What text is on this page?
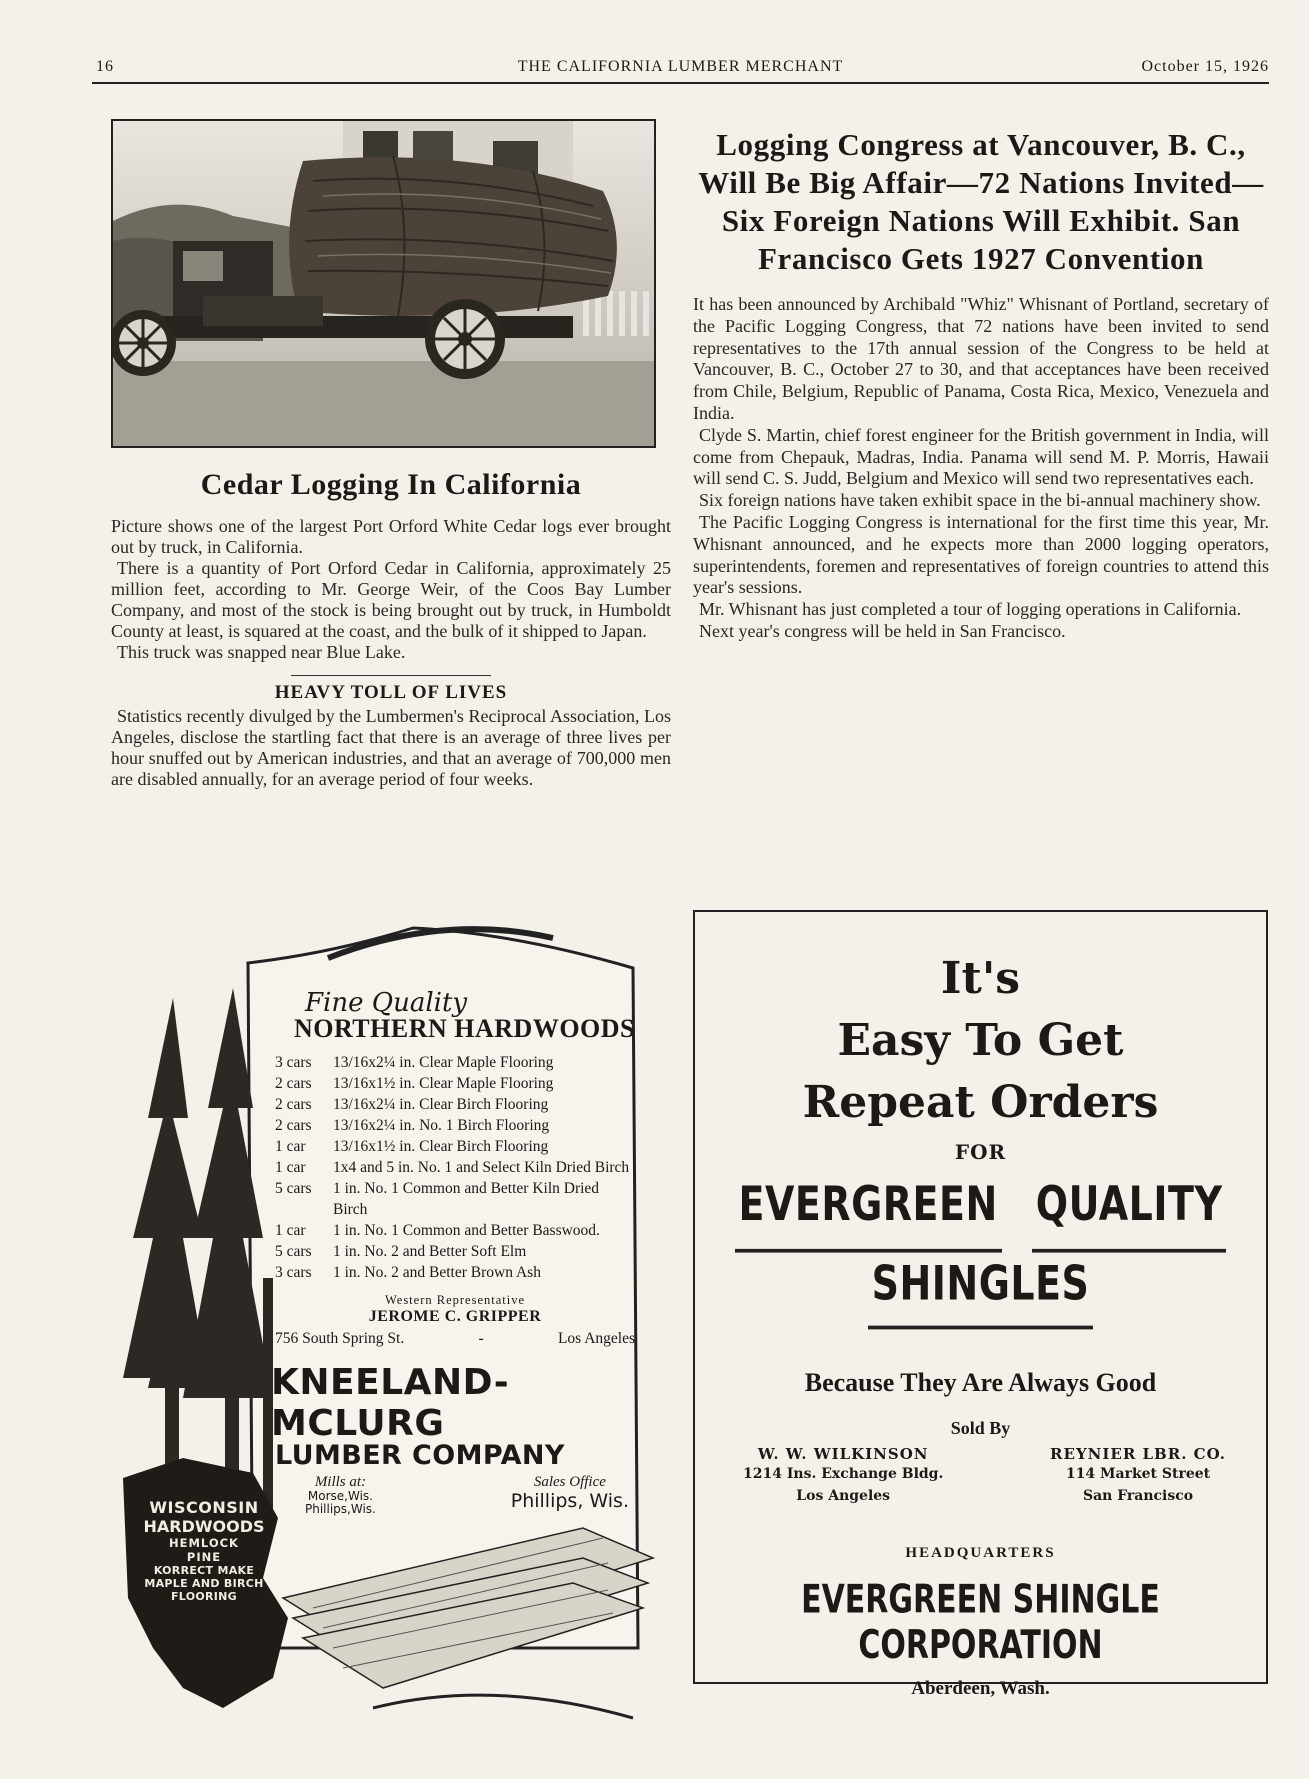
16	THE CALIFORNIA LUMBER MERCHANT	October 15, 1926
Cedar Logging In California

Picture shows one of the largest Port Orford White Cedar logs ever brought out by truck, in California.

There is a quantity of Port Orford Cedar in California, approximately 25 million feet, according to Mr. George Weir, of the Coos Bay Lumber Company, and most of the stock is being brought out by truck, in Humboldt County at least, is squared at the coast, and the bulk of it shipped to Japan.

This truck was snapped near Blue Lake.

HEAVY TOLL OF LIVES

Statistics recently divulged by the Lumbermen's Reciprocal Association, Los Angeles, disclose the startling fact that there is an average of three lives per hour snuffed out by American industries, and that an average of 700,000 men are disabled annually, for an average period of four weeks.

Logging Congress at Vancouver, B. C., Will Be Big Affair—72 Nations Invited—Six Foreign Nations Will Exhibit. San Francisco Gets 1927 Convention

It has been announced by Archibald "Whiz" Whisnant of Portland, secretary of the Pacific Logging Congress, that 72 nations have been invited to send representatives to the 17th annual session of the Congress to be held at Vancouver, B. C., October 27 to 30, and that acceptances have been received from Chile, Belgium, Republic of Panama, Costa Rica, Mexico, Venezuela and India.

Clyde S. Martin, chief forest engineer for the British government in India, will come from Chepauk, Madras, India. Panama will send M. P. Morris, Hawaii will send C. S. Judd, Belgium and Mexico will send two representatives each.

Six foreign nations have taken exhibit space in the bi-annual machinery show.

The Pacific Logging Congress is international for the first time this year, Mr. Whisnant announced, and he expects more than 2000 logging operators, superintendents, foremen and representatives of foreign countries to attend this year's sessions.

Mr. Whisnant has just completed a tour of logging operations in California.

Next year's congress will be held in San Francisco.

Fine Quality
NORTHERN HARDWOODS
3 cars	13/16x2¼ in. Clear Maple Flooring
2 cars	13/16x1½ in. Clear Maple Flooring
2 cars	13/16x2¼ in. Clear Birch Flooring
2 cars	13/16x2¼ in. No. 1 Birch Flooring
1 car	13/16x1½ in. Clear Birch Flooring
1 car	1x4 and 5 in. No. 1 and Select Kiln Dried Birch
5 cars	1 in. No. 1 Common and Better Kiln Dried Birch
1 car	1 in. No. 1 Common and Better Basswood.
5 cars	1 in. No. 2 and Better Soft Elm
3 cars	1 in. No. 2 and Better Brown Ash
Western Representative
JEROME C. GRIPPER
756 South Spring St.	-	Los Angeles
KNEELAND-MCLURG
LUMBER COMPANY
Mills at:
Morse,Wis.
Phillips,Wis.
Sales Office
Phillips, Wis.
WISCONSIN
HARDWOODS
HEMLOCK
PINE
KORRECT MAKE
MAPLE AND BIRCH
FLOORING

It's

Easy To Get

Repeat Orders

FOR

EVERGREEN QUALITY
SHINGLES
Because They Are Always Good
Sold By
W. W. WILKINSON
1214 Ins. Exchange Bldg.
Los Angeles
REYNIER LBR. CO.
114 Market Street
San Francisco
HEADQUARTERS
EVERGREEN SHINGLE CORPORATION
Aberdeen, Wash.
